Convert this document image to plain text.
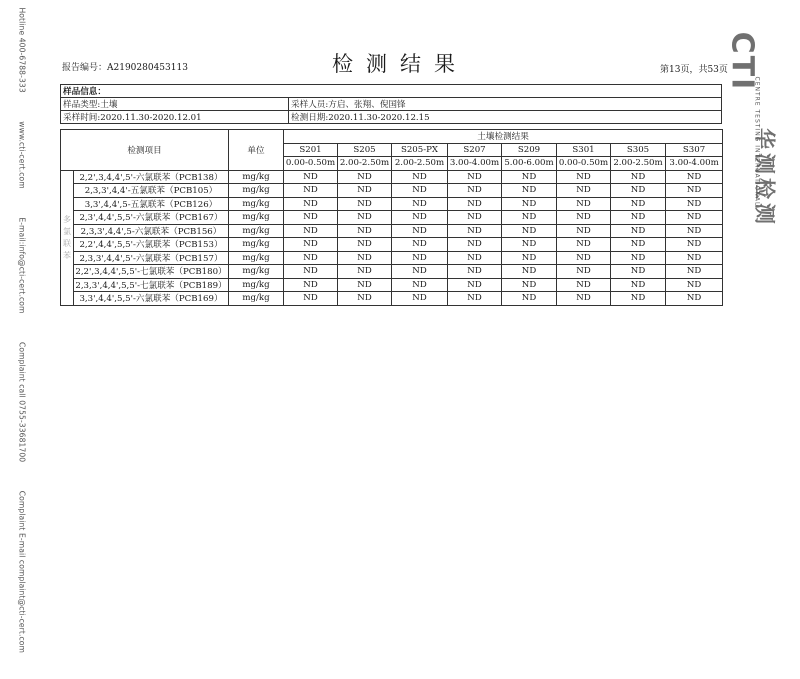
Hotline 400-6788-333 www.cti-cert.com E-mail:info@cti-cert.com Complaint call 0755-33681700 Complaint E-mail complaint@cti-cert.com
报告编号：A2190280453113	检测结果	第13页，共53页
CTI
华
测
检
测
CENTRE TESTING INTERNATIONAL
样品信息：	
样品类型:土壤	采样人员:方启、张翔、倪国锋
采样时间:2020.11.30-2020.12.01	检测日期:2020.11.30-2020.12.15
检测项目		单位	土壤检测结果							
			S201	S205	S205-PX	S207	S209	S301	S305	S307
			0.00-0.50m	2.00-2.50m	2.00-2.50m	3.00-4.00m	5.00-6.00m	0.00-0.50m	2.00-2.50m	3.00-4.00m

多
氯
联
苯	2,2',3,4,4',5'-六氯联苯（PCB138）	mg/kg	ND	ND	ND	ND	ND	ND	ND	ND
	2,3,3',4,4'-五氯联苯（PCB105）	mg/kg	ND	ND	ND	ND	ND	ND	ND	ND
	3,3',4,4',5-五氯联苯（PCB126）	mg/kg	ND	ND	ND	ND	ND	ND	ND	ND
	2,3',4,4',5,5'-六氯联苯（PCB167）	mg/kg	ND	ND	ND	ND	ND	ND	ND	ND
	2,3,3',4,4',5-六氯联苯（PCB156）	mg/kg	ND	ND	ND	ND	ND	ND	ND	ND
	2,2',4,4',5,5'-六氯联苯（PCB153）	mg/kg	ND	ND	ND	ND	ND	ND	ND	ND
	2,3,3',4,4',5'-六氯联苯（PCB157）	mg/kg	ND	ND	ND	ND	ND	ND	ND	ND
	2,2',3,4,4',5,5'-七氯联苯（PCB180）	mg/kg	ND	ND	ND	ND	ND	ND	ND	ND
	2,3,3',4,4',5,5'-七氯联苯（PCB189）	mg/kg	ND	ND	ND	ND	ND	ND	ND	ND
	3,3',4,4',5,5'-六氯联苯（PCB169）	mg/kg	ND	ND	ND	ND	ND	ND	ND	ND
